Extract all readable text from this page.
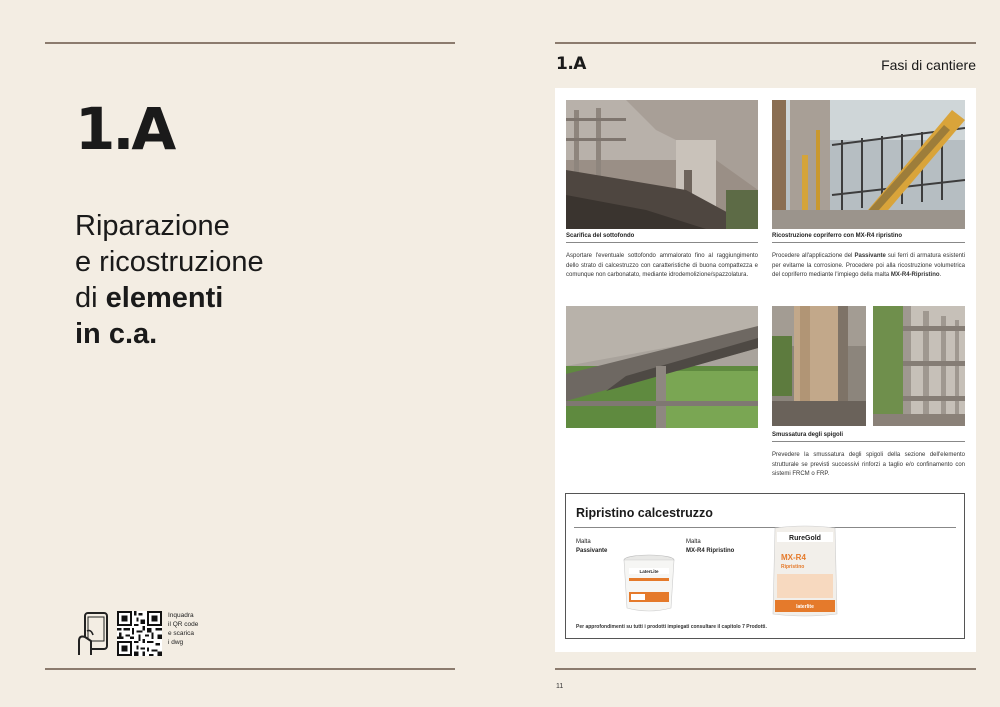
1.A
Riparazione
e ricostruzione
di elementi
in c.a.
Inquadra
il QR code
e scarica
i dwg
1.A	Fasi di cantiere
Scarifica del sottofondo
Asportare l'eventuale sottofondo ammalorato fino al raggiungimento dello strato di calcestruzzo con caratteristiche di buona compattezza e comunque non carbonatato, mediante idrodemolizione/spazzolatura.
Ricostruzione copriferro con MX-R4 ripristino
Procedere all'applicazione del Passivante sui ferri di armatura esistenti per evitarne la corrosione. Procedere poi alla ricostruzione volumetrica del copriferro mediante l'impiego della malta MX-R4-Ripristino.
Smussatura degli spigoli
Prevedere la smussatura degli spigoli della sezione dell'elemento strutturale se previsti successivi rinforzi a taglio e/o confinamento con sistemi FRCM o FRP.
Ripristino calcestruzzo
Malta
Passivante
LaterLite
Malta
MX-R4 Ripristino
RureGold
MX-R4
Ripristino
laterlite
Per approfondimenti su tutti i prodotti impiegati consultare il capitolo 7 Prodotti.
11
